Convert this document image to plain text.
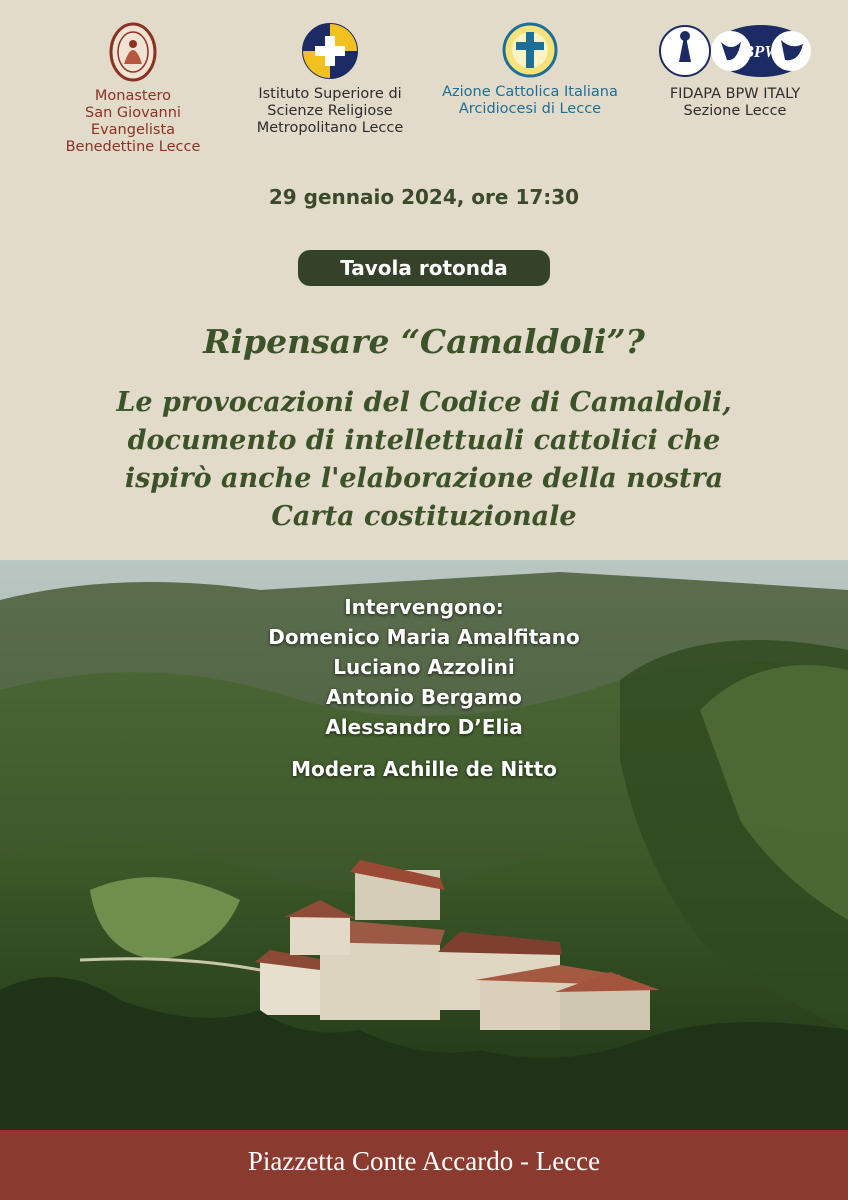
Monastero
San Giovanni Evangelista
Benedettine Lecce
Istituto Superiore di
Scienze Religiose
Metropolitano Lecce
Azione Cattolica Italiana
Arcidiocesi di Lecce
BPW
FIDAPA BPW ITALY
Sezione Lecce
29 gennaio 2024, ore 17:30
Tavola rotonda
Ripensare “Camaldoli”?
Le provocazioni del Codice di Camaldoli,
documento di intellettuali cattolici che
ispirò anche l'elaborazione della nostra
Carta costituzionale
Intervengono:
Domenico Maria Amalfitano
Luciano Azzolini
Antonio Bergamo
Alessandro D’Elia
Modera Achille de Nitto
Piazzetta Conte Accardo - Lecce
